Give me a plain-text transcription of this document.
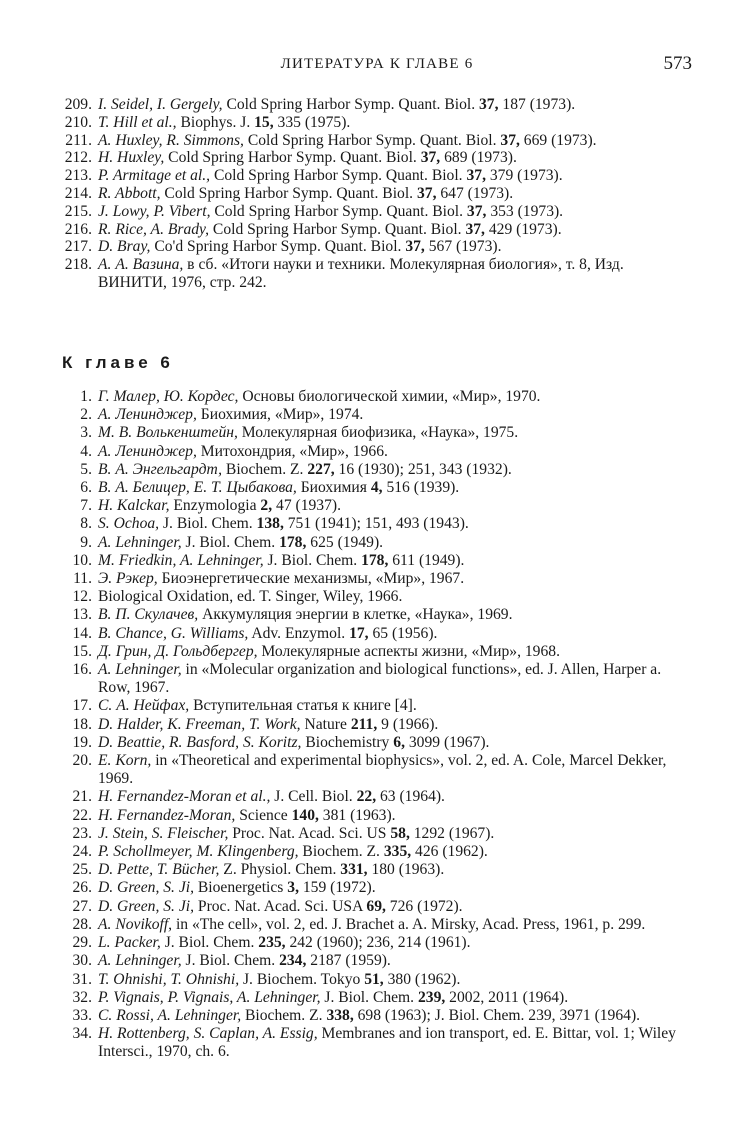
ЛИТЕРАТУРА К ГЛАВЕ 6	573
209. I. Seidel, I. Gergely, Cold Spring Harbor Symp. Quant. Biol. 37, 187 (1973).
210. T. Hill et al., Biophys. J. 15, 335 (1975).
211. A. Huxley, R. Simmons, Cold Spring Harbor Symp. Quant. Biol. 37, 669 (1973).
212. H. Huxley, Cold Spring Harbor Symp. Quant. Biol. 37, 689 (1973).
213. P. Armitage et al., Cold Spring Harbor Symp. Quant. Biol. 37, 379 (1973).
214. R. Abbott, Cold Spring Harbor Symp. Quant. Biol. 37, 647 (1973).
215. J. Lowy, P. Vibert, Cold Spring Harbor Symp. Quant. Biol. 37, 353 (1973).
216. R. Rice, A. Brady, Cold Spring Harbor Symp. Quant. Biol. 37, 429 (1973).
217. D. Bray, Co'd Spring Harbor Symp. Quant. Biol. 37, 567 (1973).
218. А. А. Вазина, в сб. «Итоги науки и техники. Молекулярная биология», т. 8, Изд. ВИНИТИ, 1976, стр. 242.
К главе 6
1. Г. Малер, Ю. Кордес, Основы биологической химии, «Мир», 1970.
2. А. Ленинджер, Биохимия, «Мир», 1974.
3. М. В. Волькенштейн, Молекулярная биофизика, «Наука», 1975.
4. А. Ленинджер, Митохондрия, «Мир», 1966.
5. В. А. Энгельгардт, Biochem. Z. 227, 16 (1930); 251, 343 (1932).
6. В. А. Белицер, Е. Т. Цыбакова, Биохимия 4, 516 (1939).
7. H. Kalckar, Enzymologia 2, 47 (1937).
8. S. Ochoa, J. Biol. Chem. 138, 751 (1941); 151, 493 (1943).
9. A. Lehninger, J. Biol. Chem. 178, 625 (1949).
10. M. Friedkin, A. Lehninger, J. Biol. Chem. 178, 611 (1949).
11. Э. Рэкер, Биоэнергетические механизмы, «Мир», 1967.
12. Biological Oxidation, ed. T. Singer, Wiley, 1966.
13. В. П. Скулачев, Аккумуляция энергии в клетке, «Наука», 1969.
14. B. Chance, G. Williams, Adv. Enzymol. 17, 65 (1956).
15. Д. Грин, Д. Гольдбергер, Молекулярные аспекты жизни, «Мир», 1968.
16. A. Lehninger, in «Molecular organization and biological functions», ed. J. Allen, Harper a. Row, 1967.
17. С. А. Нейфах, Вступительная статья к книге [4].
18. D. Halder, K. Freeman, T. Work, Nature 211, 9 (1966).
19. D. Beattie, R. Basford, S. Koritz, Biochemistry 6, 3099 (1967).
20. E. Korn, in «Theoretical and experimental biophysics», vol. 2, ed. A. Cole, Marcel Dekker, 1969.
21. H. Fernandez-Moran et al., J. Cell. Biol. 22, 63 (1964).
22. H. Fernandez-Moran, Science 140, 381 (1963).
23. J. Stein, S. Fleischer, Proc. Nat. Acad. Sci. US 58, 1292 (1967).
24. P. Schollmeyer, M. Klingenberg, Biochem. Z. 335, 426 (1962).
25. D. Pette, T. Bücher, Z. Physiol. Chem. 331, 180 (1963).
26. D. Green, S. Ji, Bioenergetics 3, 159 (1972).
27. D. Green, S. Ji, Proc. Nat. Acad. Sci. USA 69, 726 (1972).
28. A. Novikoff, in «The cell», vol. 2, ed. J. Brachet a. A. Mirsky, Acad. Press, 1961, p. 299.
29. L. Packer, J. Biol. Chem. 235, 242 (1960); 236, 214 (1961).
30. A. Lehninger, J. Biol. Chem. 234, 2187 (1959).
31. T. Ohnishi, T. Ohnishi, J. Biochem. Tokyo 51, 380 (1962).
32. P. Vignais, P. Vignais, A. Lehninger, J. Biol. Chem. 239, 2002, 2011 (1964).
33. C. Rossi, A. Lehninger, Biochem. Z. 338, 698 (1963); J. Biol. Chem. 239, 3971 (1964).
34. H. Rottenberg, S. Caplan, A. Essig, Membranes and ion transport, ed. E. Bittar, vol. 1; Wiley Intersci., 1970, ch. 6.
